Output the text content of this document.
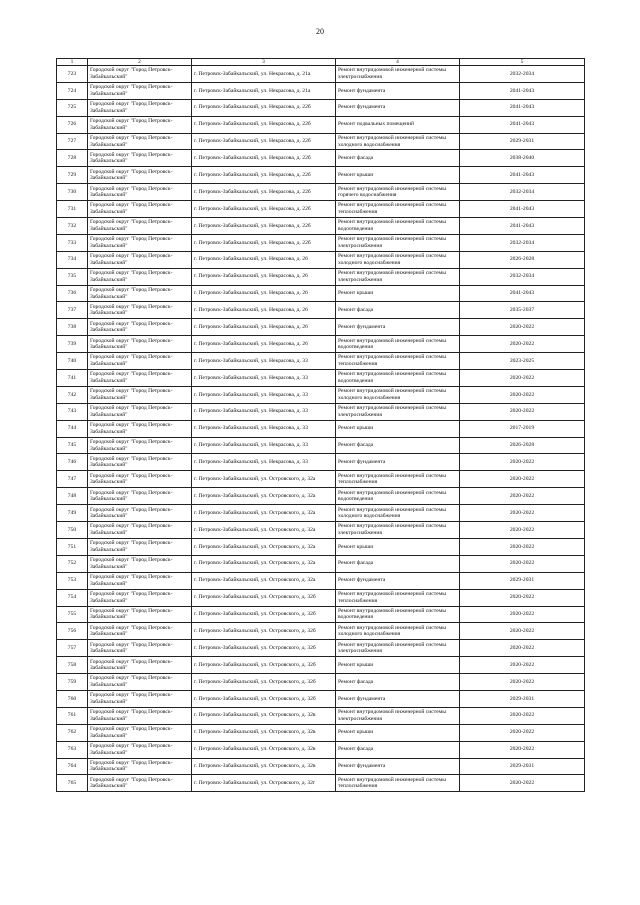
20
1	2	3	4	5
723	Городской округ "Город Петровск-Забайкальский"	г. Петровск-Забайкальский, ул. Некрасова, д. 21а	Ремонт внутридомовой инженерной системы электроснабжения	2032-2034
724	Городской округ "Город Петровск-Забайкальский"	г. Петровск-Забайкальский, ул. Некрасова, д. 21а	Ремонт фундамента	2041-2043
725	Городской округ "Город Петровск-Забайкальский"	г. Петровск-Забайкальский, ул. Некрасова, д. 22б	Ремонт фундамента	2041-2043
726	Городской округ "Город Петровск-Забайкальский"	г. Петровск-Забайкальский, ул. Некрасова, д. 22б	Ремонт подвальных помещений	2041-2043
727	Городской округ "Город Петровск-Забайкальский"	г. Петровск-Забайкальский, ул. Некрасова, д. 22б	Ремонт внутридомовой инженерной системы холодного водоснабжения	2029-2031
728	Городской округ "Город Петровск-Забайкальский"	г. Петровск-Забайкальский, ул. Некрасова, д. 22б	Ремонт фасада	2038-2040
729	Городской округ "Город Петровск-Забайкальский"	г. Петровск-Забайкальский, ул. Некрасова, д. 22б	Ремонт крыши	2041-2043
730	Городской округ "Город Петровск-Забайкальский"	г. Петровск-Забайкальский, ул. Некрасова, д. 22б	Ремонт внутридомовой инженерной системы горячего водоснабжения	2032-2034
731	Городской округ "Город Петровск-Забайкальский"	г. Петровск-Забайкальский, ул. Некрасова, д. 22б	Ремонт внутридомовой инженерной системы теплоснабжения	2041-2043
732	Городской округ "Город Петровск-Забайкальский"	г. Петровск-Забайкальский, ул. Некрасова, д. 22б	Ремонт внутридомовой инженерной системы водоотведения	2041-2043
733	Городской округ "Город Петровск-Забайкальский"	г. Петровск-Забайкальский, ул. Некрасова, д. 22б	Ремонт внутридомовой инженерной системы электроснабжения	2032-2034
734	Городской округ "Город Петровск-Забайкальский"	г. Петровск-Забайкальский, ул. Некрасова, д. 26	Ремонт внутридомовой инженерной системы холодного водоснабжения	2026-2028
735	Городской округ "Город Петровск-Забайкальский"	г. Петровск-Забайкальский, ул. Некрасова, д. 26	Ремонт внутридомовой инженерной системы электроснабжения	2032-2034
736	Городской округ "Город Петровск-Забайкальский"	г. Петровск-Забайкальский, ул. Некрасова, д. 26	Ремонт крыши	2041-2043
737	Городской округ "Город Петровск-Забайкальский"	г. Петровск-Забайкальский, ул. Некрасова, д. 26	Ремонт фасада	2035-2037
738	Городской округ "Город Петровск-Забайкальский"	г. Петровск-Забайкальский, ул. Некрасова, д. 26	Ремонт фундамента	2020-2022
739	Городской округ "Город Петровск-Забайкальский"	г. Петровск-Забайкальский, ул. Некрасова, д. 26	Ремонт внутридомовой инженерной системы водоотведения	2020-2022
740	Городской округ "Город Петровск-Забайкальский"	г. Петровск-Забайкальский, ул. Некрасова, д. 33	Ремонт внутридомовой инженерной системы теплоснабжения	2023-2025
741	Городской округ "Город Петровск-Забайкальский"	г. Петровск-Забайкальский, ул. Некрасова, д. 33	Ремонт внутридомовой инженерной системы водоотведения	2020-2022
742	Городской округ "Город Петровск-Забайкальский"	г. Петровск-Забайкальский, ул. Некрасова, д. 33	Ремонт внутридомовой инженерной системы холодного водоснабжения	2020-2022
743	Городской округ "Город Петровск-Забайкальский"	г. Петровск-Забайкальский, ул. Некрасова, д. 33	Ремонт внутридомовой инженерной системы электроснабжения	2020-2022
744	Городской округ "Город Петровск-Забайкальский"	г. Петровск-Забайкальский, ул. Некрасова, д. 33	Ремонт крыши	2017-2019
745	Городской округ "Город Петровск-Забайкальский"	г. Петровск-Забайкальский, ул. Некрасова, д. 33	Ремонт фасада	2026-2028
746	Городской округ "Город Петровск-Забайкальский"	г. Петровск-Забайкальский, ул. Некрасова, д. 33	Ремонт фундамента	2020-2022
747	Городской округ "Город Петровск-Забайкальский"	г. Петровск-Забайкальский, ул. Островского, д. 32а	Ремонт внутридомовой инженерной системы теплоснабжения	2020-2022
748	Городской округ "Город Петровск-Забайкальский"	г. Петровск-Забайкальский, ул. Островского, д. 32а	Ремонт внутридомовой инженерной системы водоотведения	2020-2022
749	Городской округ "Город Петровск-Забайкальский"	г. Петровск-Забайкальский, ул. Островского, д. 32а	Ремонт внутридомовой инженерной системы холодного водоснабжения	2020-2022
750	Городской округ "Город Петровск-Забайкальский"	г. Петровск-Забайкальский, ул. Островского, д. 32а	Ремонт внутридомовой инженерной системы электроснабжения	2020-2022
751	Городской округ "Город Петровск-Забайкальский"	г. Петровск-Забайкальский, ул. Островского, д. 32а	Ремонт крыши	2020-2022
752	Городской округ "Город Петровск-Забайкальский"	г. Петровск-Забайкальский, ул. Островского, д. 32а	Ремонт фасада	2020-2022
753	Городской округ "Город Петровск-Забайкальский"	г. Петровск-Забайкальский, ул. Островского, д. 32а	Ремонт фундамента	2029-2031
754	Городской округ "Город Петровск-Забайкальский"	г. Петровск-Забайкальский, ул. Островского, д. 32б	Ремонт внутридомовой инженерной системы теплоснабжения	2020-2022
755	Городской округ "Город Петровск-Забайкальский"	г. Петровск-Забайкальский, ул. Островского, д. 32б	Ремонт внутридомовой инженерной системы водоотведения	2020-2022
756	Городской округ "Город Петровск-Забайкальский"	г. Петровск-Забайкальский, ул. Островского, д. 32б	Ремонт внутридомовой инженерной системы холодного водоснабжения	2020-2022
757	Городской округ "Город Петровск-Забайкальский"	г. Петровск-Забайкальский, ул. Островского, д. 32б	Ремонт внутридомовой инженерной системы электроснабжения	2020-2022
758	Городской округ "Город Петровск-Забайкальский"	г. Петровск-Забайкальский, ул. Островского, д. 32б	Ремонт крыши	2020-2022
759	Городской округ "Город Петровск-Забайкальский"	г. Петровск-Забайкальский, ул. Островского, д. 32б	Ремонт фасада	2020-2022
760	Городской округ "Город Петровск-Забайкальский"	г. Петровск-Забайкальский, ул. Островского, д. 32б	Ремонт фундамента	2029-2031
761	Городской округ "Город Петровск-Забайкальский"	г. Петровск-Забайкальский, ул. Островского, д. 32в	Ремонт внутридомовой инженерной системы электроснабжения	2020-2022
762	Городской округ "Город Петровск-Забайкальский"	г. Петровск-Забайкальский, ул. Островского, д. 32в	Ремонт крыши	2020-2022
763	Городской округ "Город Петровск-Забайкальский"	г. Петровск-Забайкальский, ул. Островского, д. 32в	Ремонт фасада	2020-2022
764	Городской округ "Город Петровск-Забайкальский"	г. Петровск-Забайкальский, ул. Островского, д. 32в	Ремонт фундамента	2029-2031
765	Городской округ "Город Петровск-Забайкальский"	г. Петровск-Забайкальский, ул. Островского, д. 32г	Ремонт внутридомовой инженерной системы теплоснабжения	2020-2022
